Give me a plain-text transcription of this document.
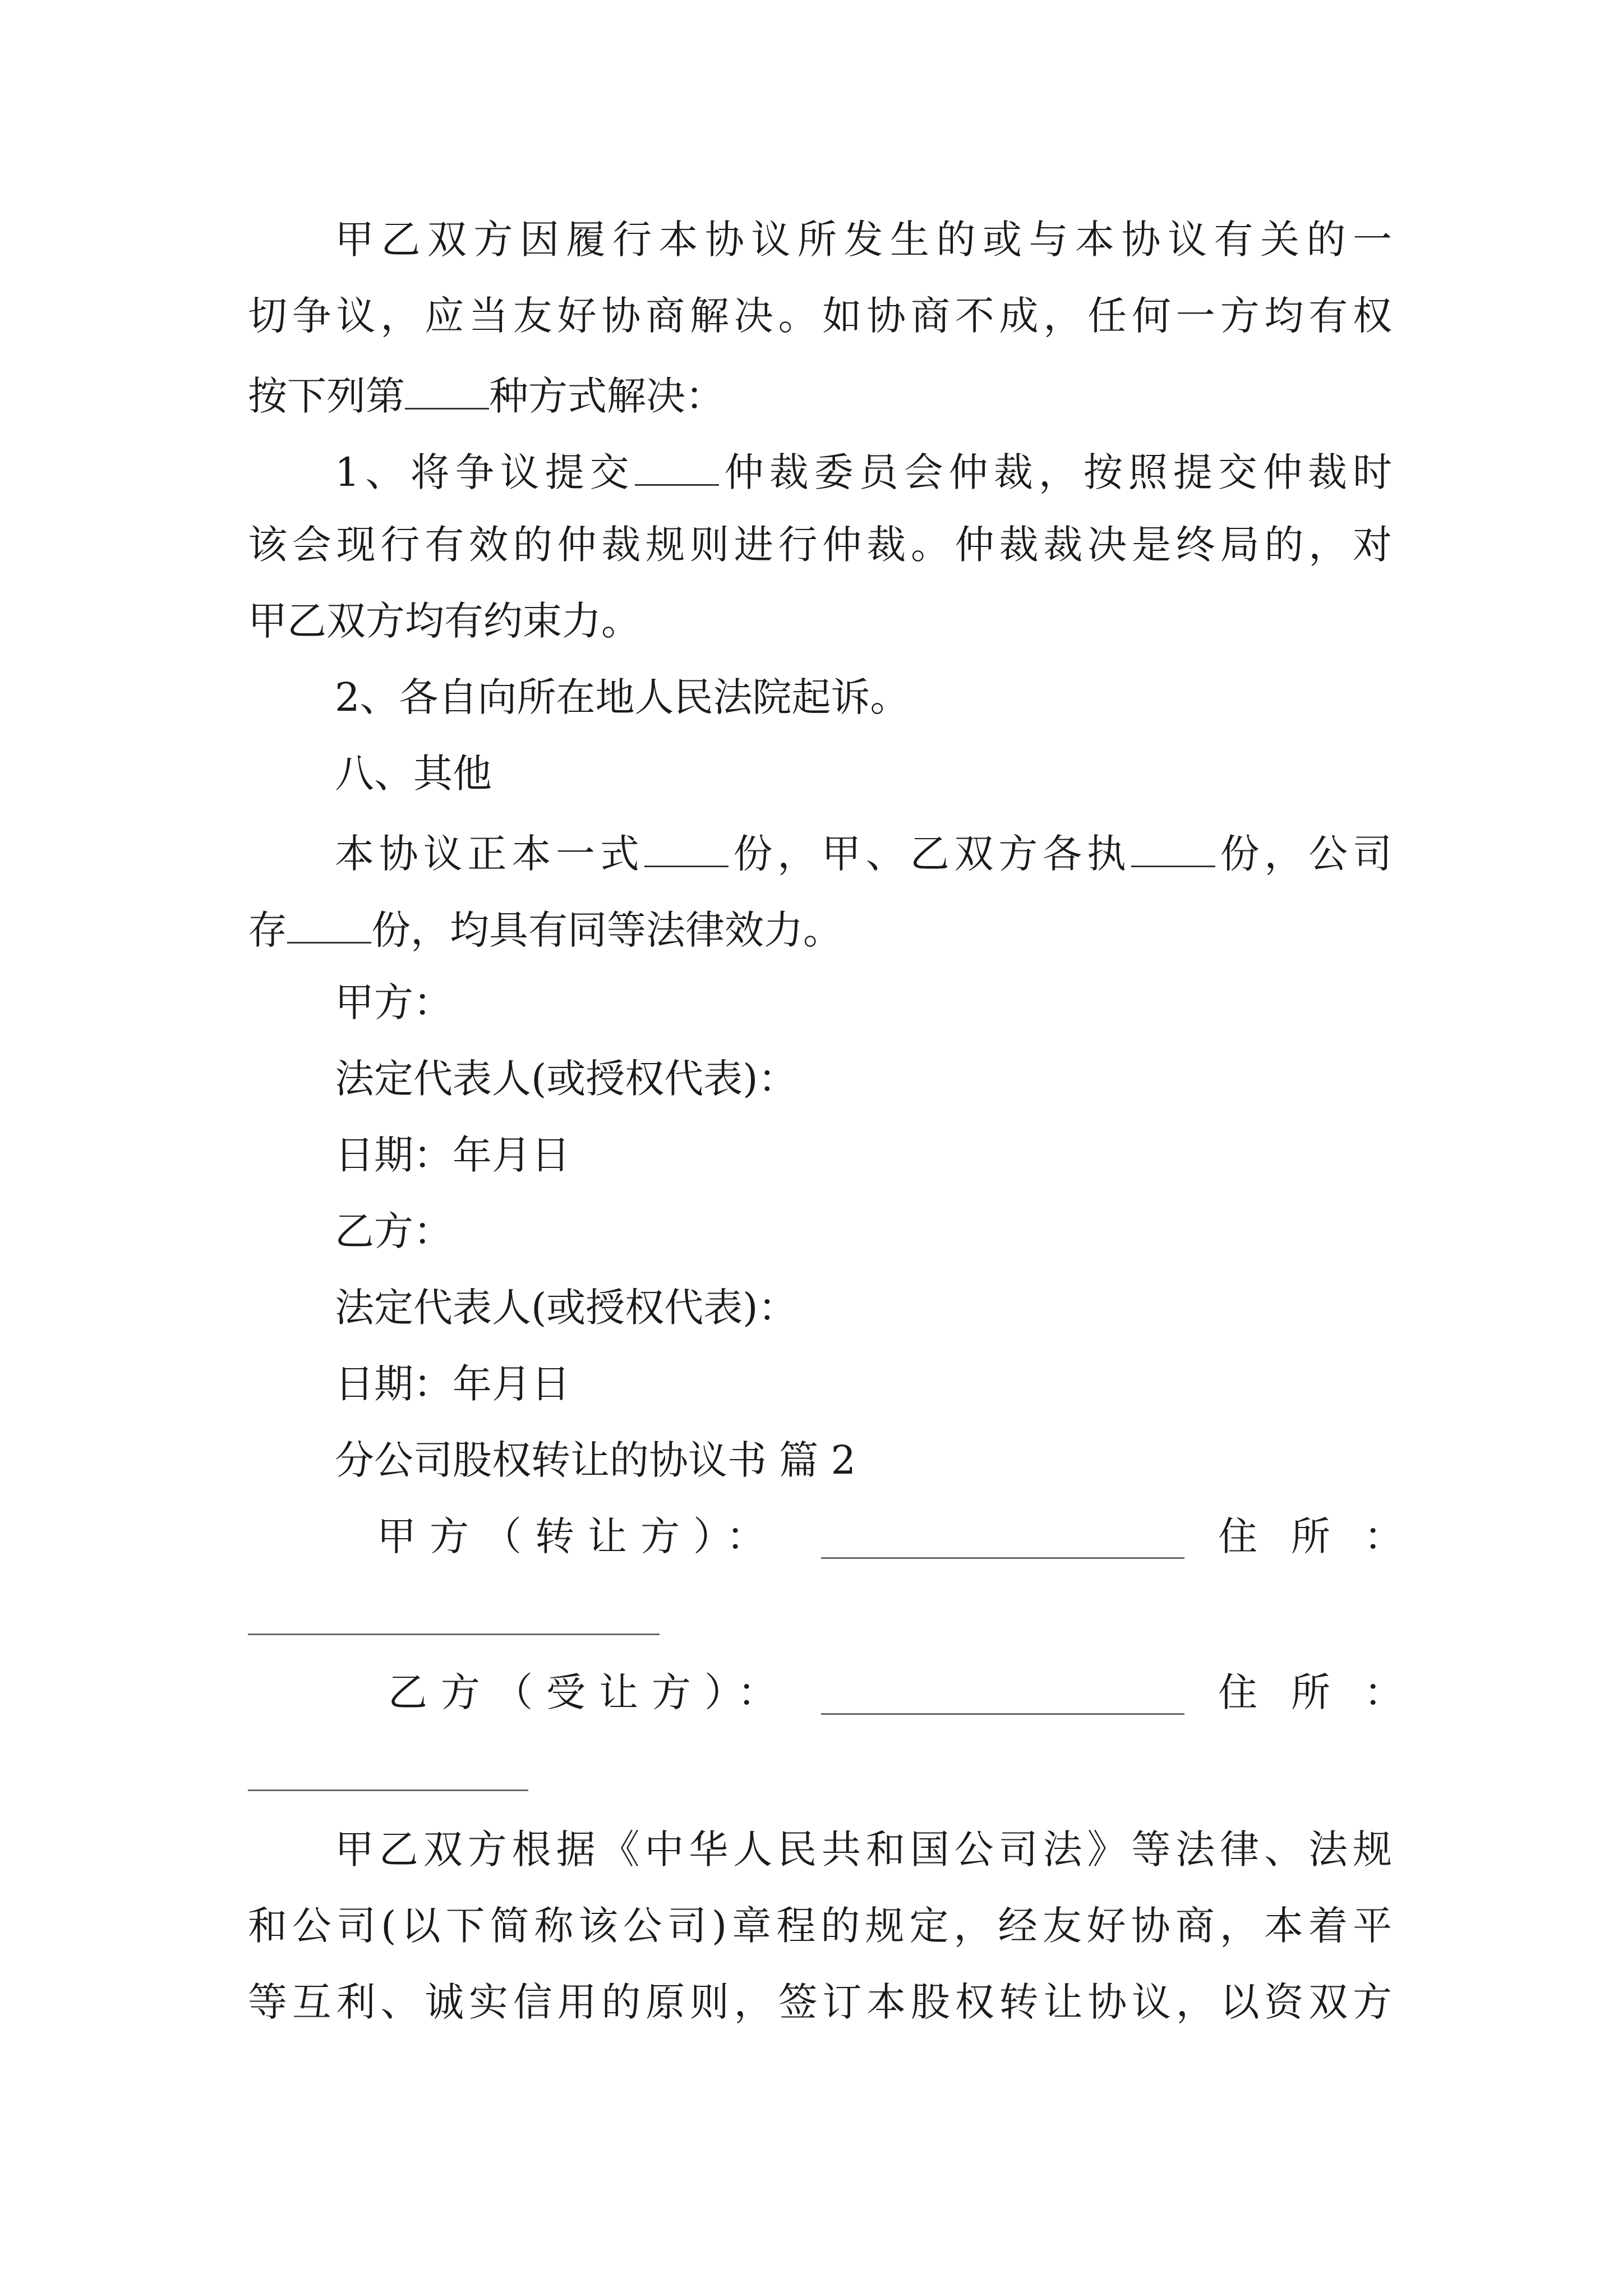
甲乙双方因履行本协议所发生的或与本协议有关的一

切争议，应当友好协商解决。如协商不成，任何一方均有权

按下列第 种方式解决：

1、将争议提交 仲裁委员会仲裁，按照提交仲裁时

该会现行有效的仲裁规则进行仲裁。仲裁裁决是终局的，对

甲乙双方均有约束力。

2、各自向所在地人民法院起诉。

八、其他

本协议正本一式 份，甲、乙双方各执 份，公司

存 份，均具有同等法律效力。

甲方：

法定代表人(或授权代表)：

日期：年月日

乙方：

法定代表人(或授权代表)：

日期：年月日

分公司股权转让的协议书 篇 2

甲方（转让方）：	住所：
乙方（受让方）：	住所：

甲乙双方根据《中华人民共和国公司法》等法律、法规

和公司(以下简称该公司)章程的规定，经友好协商，本着平

等互利、诚实信用的原则，签订本股权转让协议，以资双方
